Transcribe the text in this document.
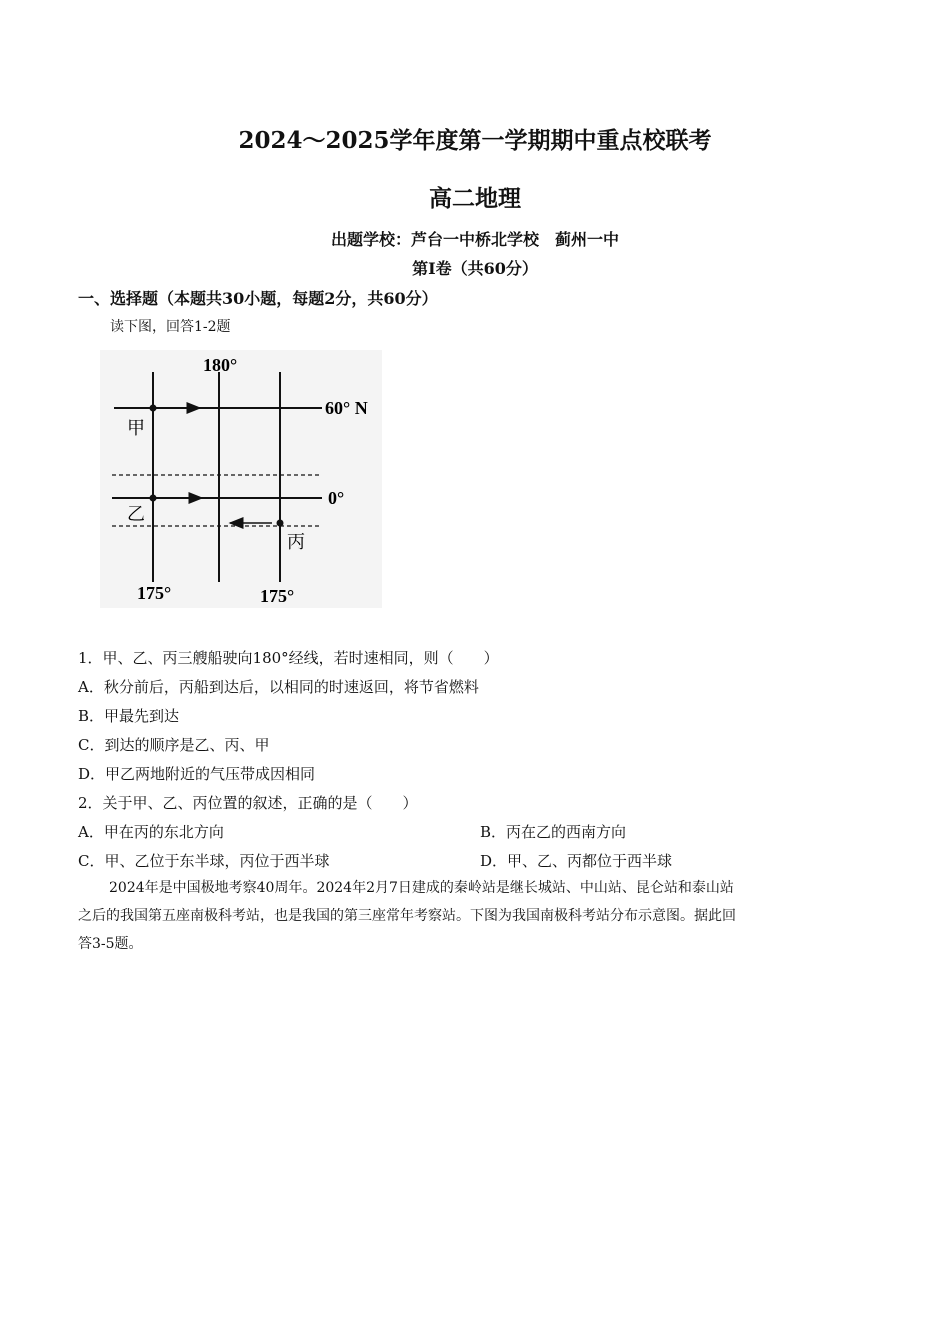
2024～2025学年度第一学期期中重点校联考
高二地理
出题学校：芦台一中桥北学校　蓟州一中
第Ⅰ卷（共60分）
一、选择题（本题共30小题，每题2分，共60分）
读下图，回答1-2题
180°
60° N
0°
175°	175°
甲
乙
丙
1．甲、乙、丙三艘船驶向180°经线，若时速相同，则（　　）
A．秋分前后，丙船到达后，以相同的时速返回，将节省燃料
B．甲最先到达
C．到达的顺序是乙、丙、甲
D．甲乙两地附近的气压带成因相同
2．关于甲、乙、丙位置的叙述，正确的是（　　）
A．甲在丙的东北方向	B．丙在乙的西南方向
C．甲、乙位于东半球，丙位于西半球	D．甲、乙、丙都位于西半球

2024年是中国极地考察40周年。2024年2月7日建成的秦岭站是继长城站、中山站、昆仑站和泰山站

之后的我国第五座南极科考站，也是我国的第三座常年考察站。下图为我国南极科考站分布示意图。据此回

答3-5题。
